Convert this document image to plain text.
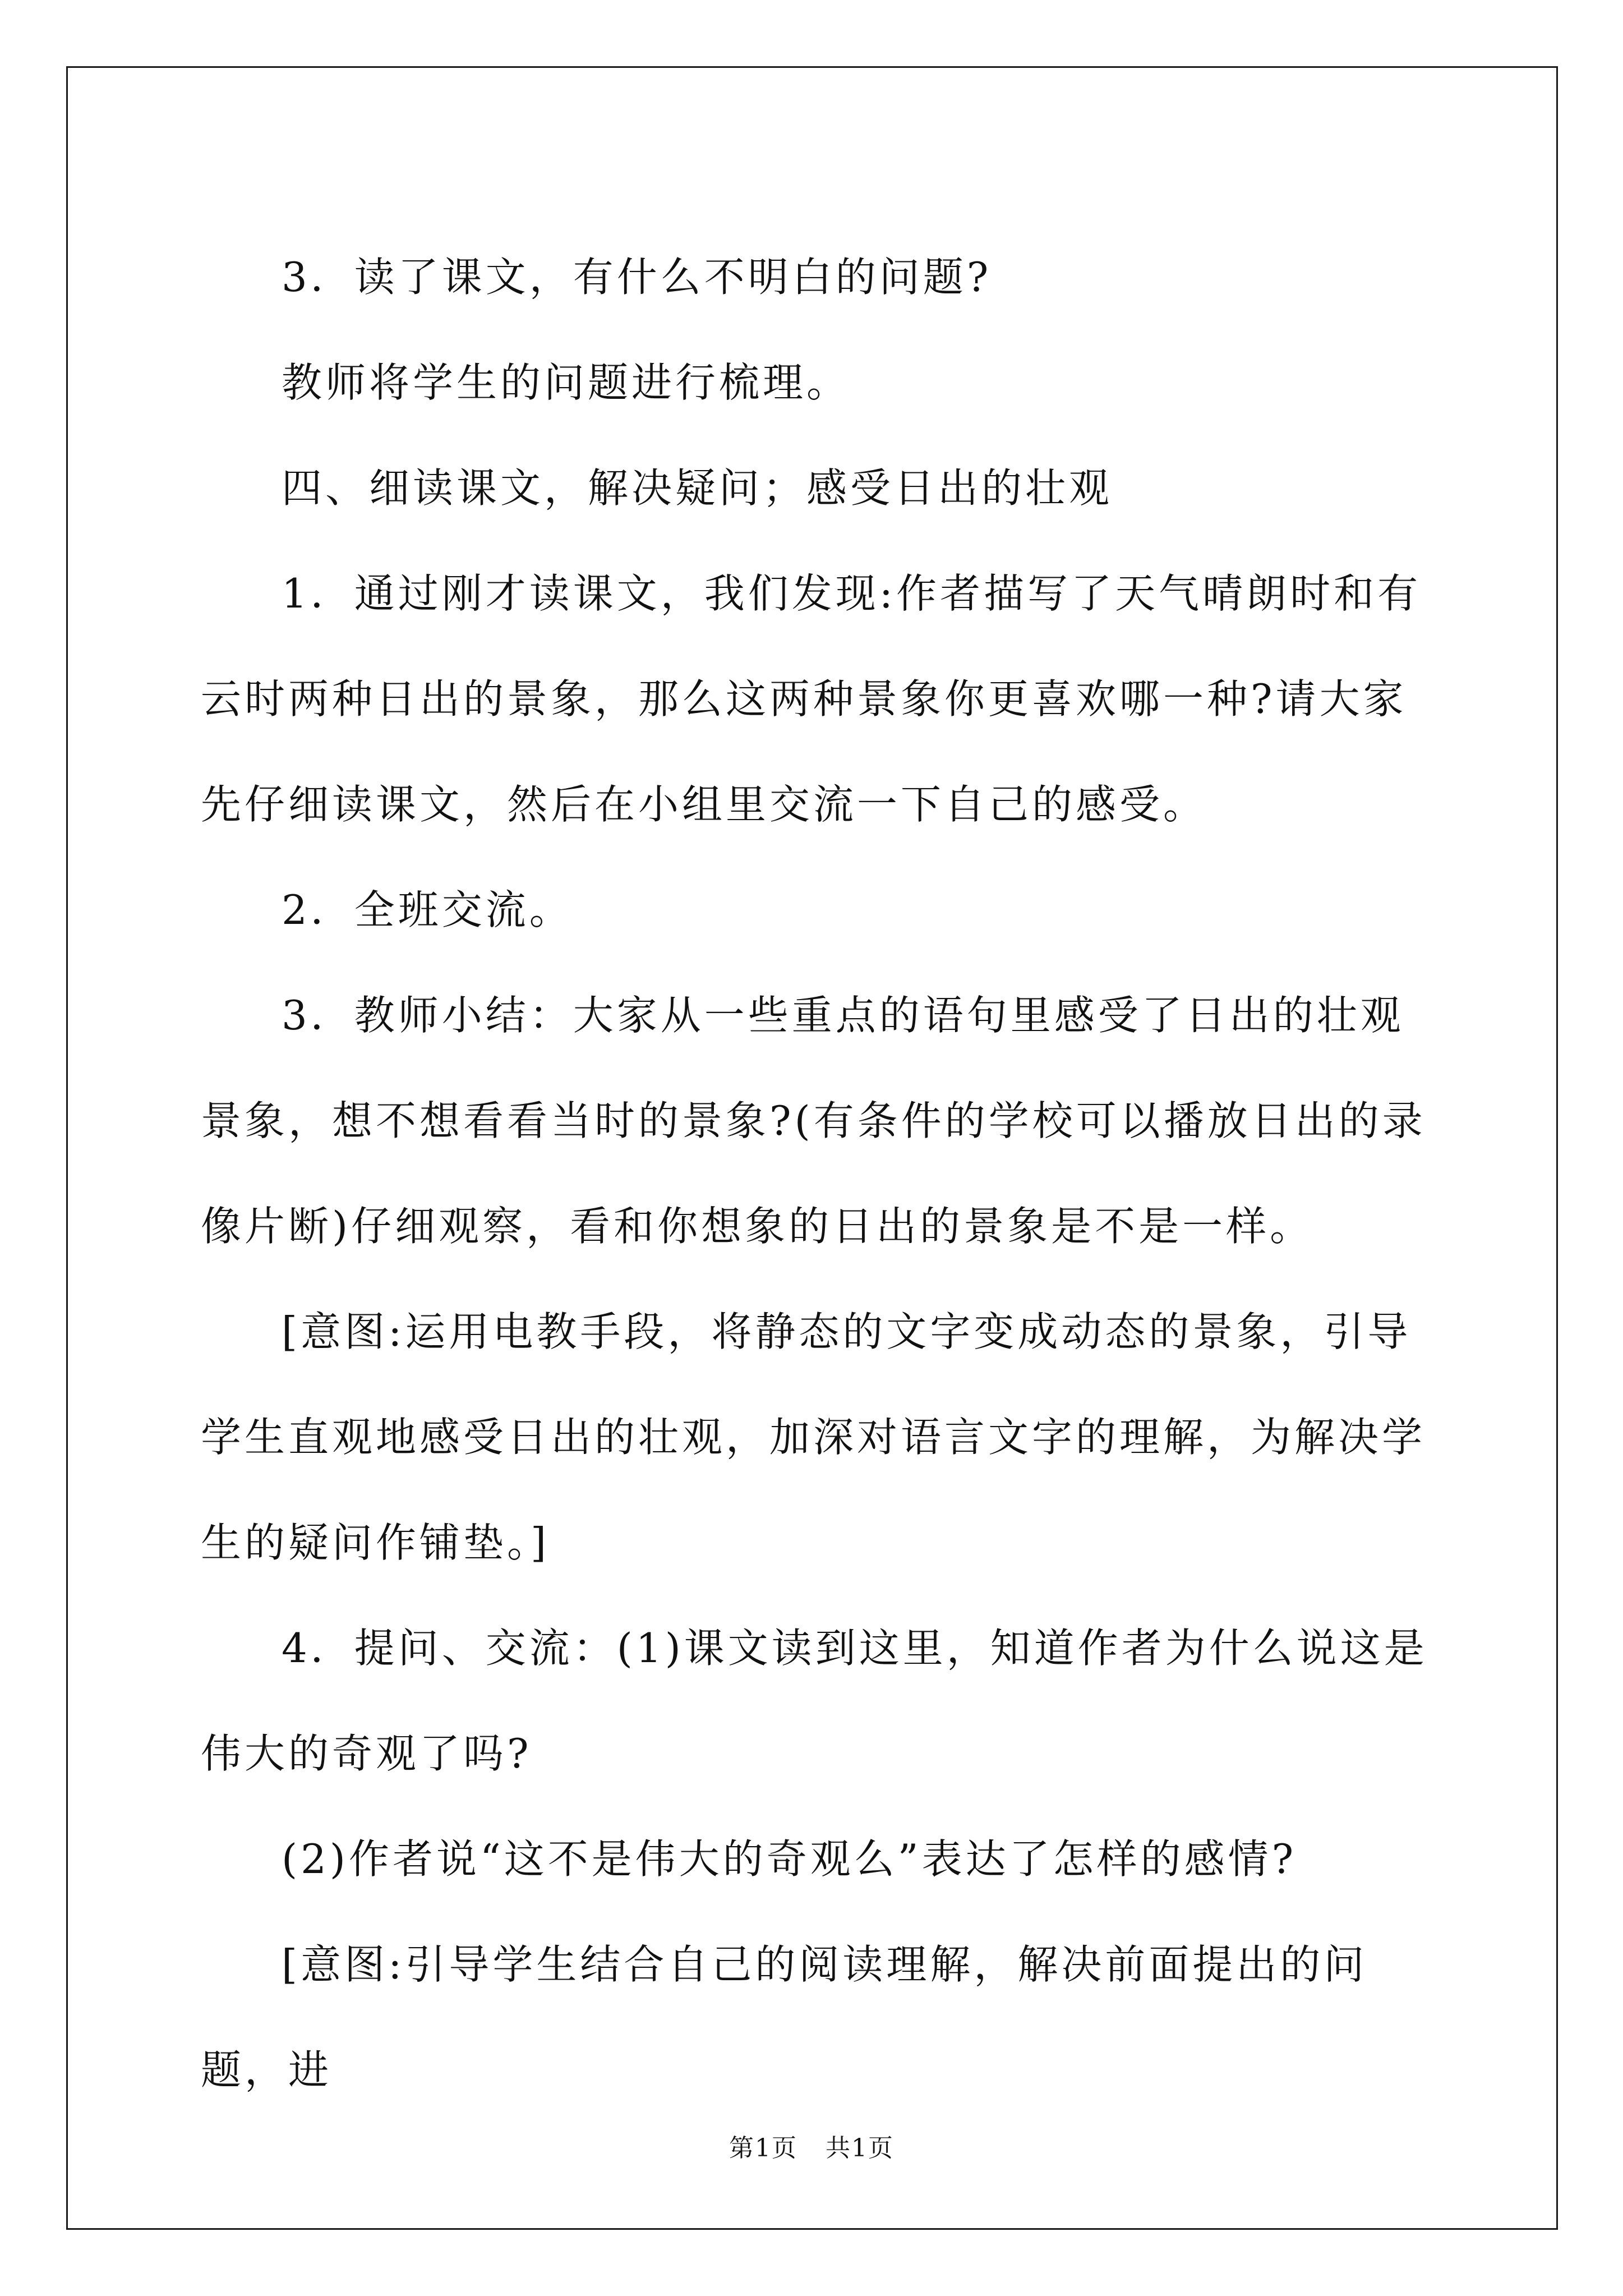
3．读了课文，有什么不明白的问题?

教师将学生的问题进行梳理。

四、细读课文，解决疑问；感受日出的壮观

1．通过刚才读课文，我们发现:作者描写了天气晴朗时和有云时两种日出的景象，那么这两种景象你更喜欢哪一种?请大家先仔细读课文，然后在小组里交流一下自己的感受。

2．全班交流。

3．教师小结：大家从一些重点的语句里感受了日出的壮观景象，想不想看看当时的景象?(有条件的学校可以播放日出的录像片断)仔细观察，看和你想象的日出的景象是不是一样。

[意图:运用电教手段，将静态的文字变成动态的景象，引导学生直观地感受日出的壮观，加深对语言文字的理解，为解决学生的疑问作铺垫。]

4．提问、交流：(1)课文读到这里，知道作者为什么说这是伟大的奇观了吗?

(2)作者说“这不是伟大的奇观么”表达了怎样的感情?

[意图:引导学生结合自己的阅读理解，解决前面提出的问题，进

第1页 共1页
